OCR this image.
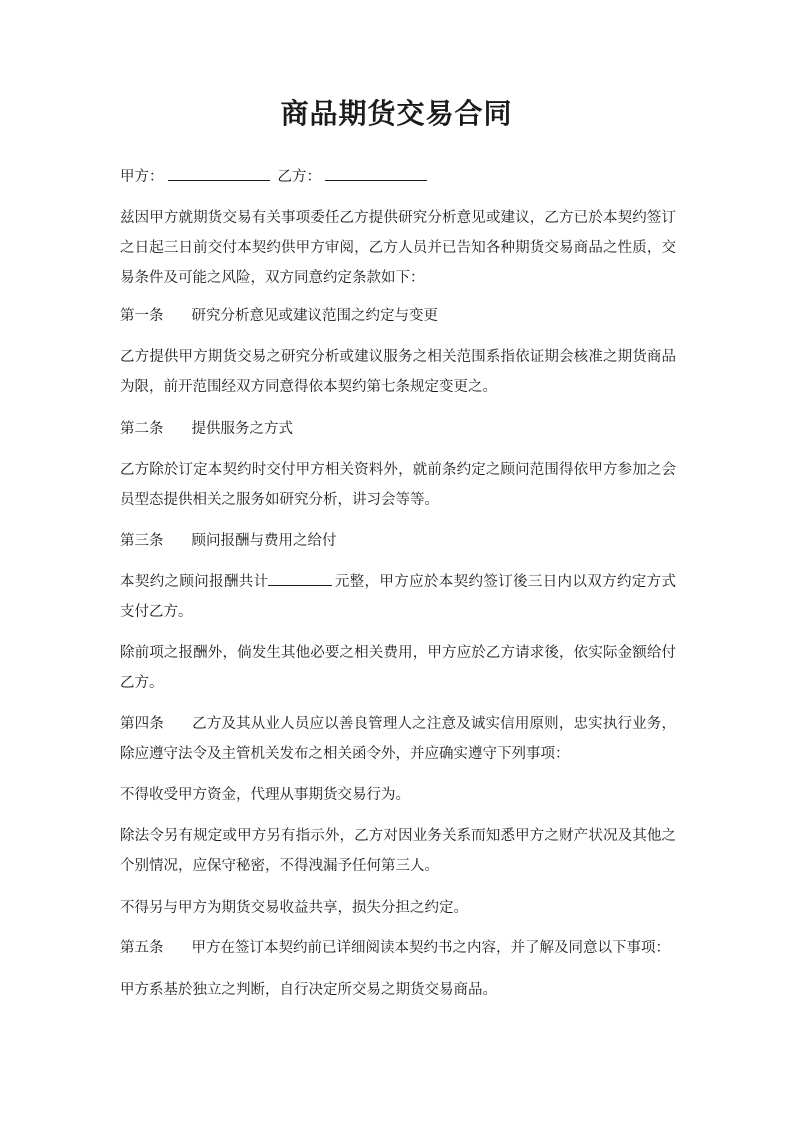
商品期货交易合同
甲方：	乙方：
兹因甲方就期货交易有关事项委任乙方提供研究分析意见或建议，乙方已於本契约签订之日起三日前交付本契约供甲方审阅，乙方人员并已告知各种期货交易商品之性质，交易条件及可能之风险，双方同意约定条款如下：
第一条 研究分析意见或建议范围之约定与变更
乙方提供甲方期货交易之研究分析或建议服务之相关范围系指依证期会核准之期货商品为限，前开范围经双方同意得依本契约第七条规定变更之。
第二条 提供服务之方式
乙方除於订定本契约时交付甲方相关资料外，就前条约定之顾问范围得依甲方参加之会员型态提供相关之服务如研究分析，讲习会等等。
第三条 顾问报酬与费用之给付
本契约之顾问报酬共计	元整，甲方应於本契约签订後三日内以双方约定方式支付乙方。
除前项之报酬外，倘发生其他必要之相关费用，甲方应於乙方请求後，依实际金额给付乙方。
第四条 乙方及其从业人员应以善良管理人之注意及诚实信用原则，忠实执行业务，除应遵守法令及主管机关发布之相关函令外，并应确实遵守下列事项：
不得收受甲方资金，代理从事期货交易行为。
除法令另有规定或甲方另有指示外，乙方对因业务关系而知悉甲方之财产状况及其他之个别情况，应保守秘密，不得洩漏予任何第三人。
不得另与甲方为期货交易收益共享，损失分担之约定。
第五条 甲方在签订本契约前已详细阅读本契约书之内容，并了解及同意以下事项：
甲方系基於独立之判断，自行决定所交易之期货交易商品。
